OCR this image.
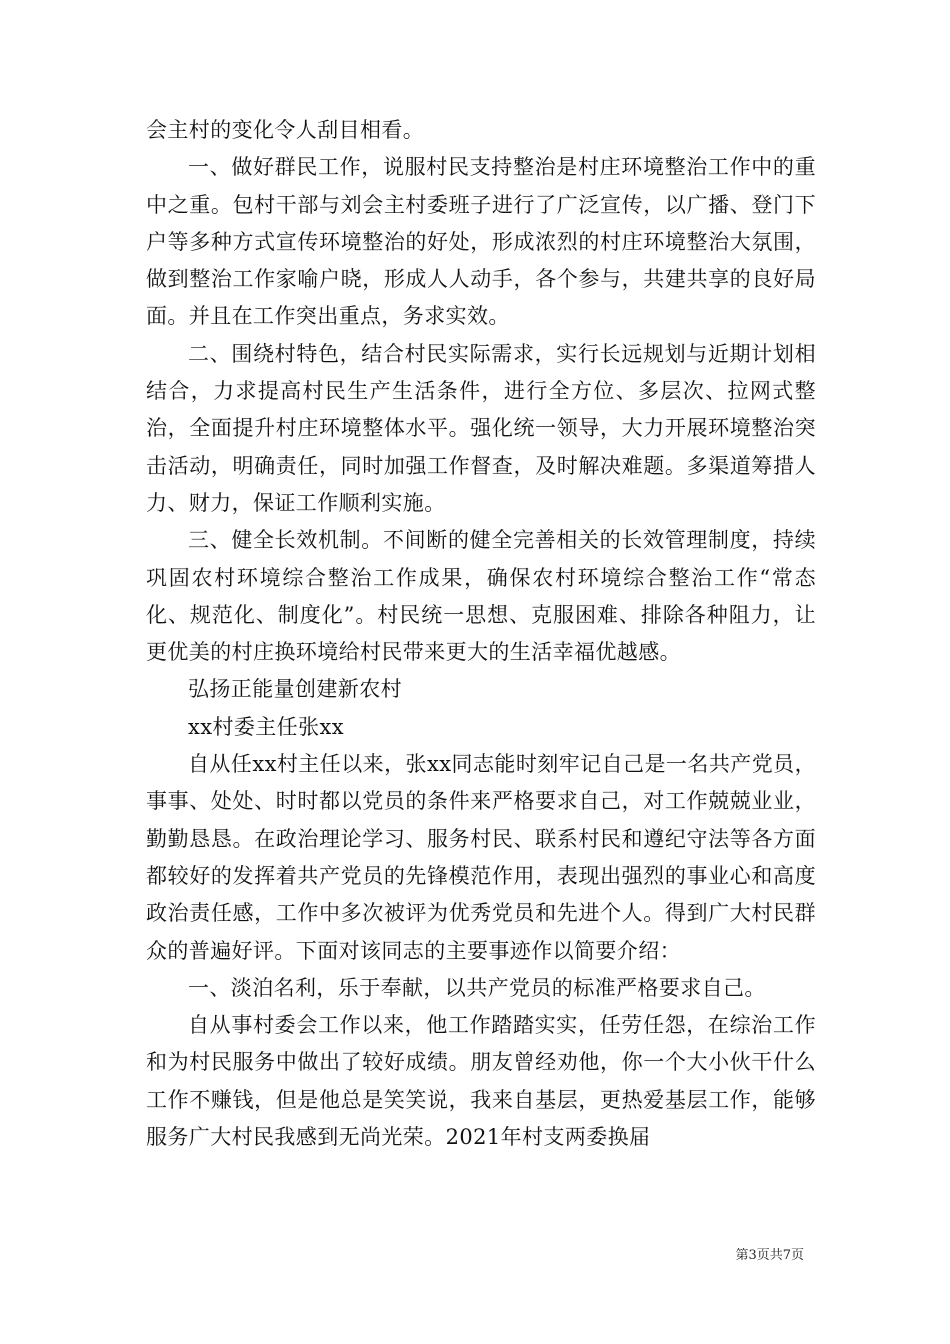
会主村的变化令人刮目相看。

一、做好群民工作，说服村民支持整治是村庄环境整治工作中的重中之重。包村干部与刘会主村委班子进行了广泛宣传，以广播、登门下户等多种方式宣传环境整治的好处，形成浓烈的村庄环境整治大氛围，做到整治工作家喻户晓，形成人人动手，各个参与，共建共享的良好局面。并且在工作突出重点，务求实效。

二、围绕村特色，结合村民实际需求，实行长远规划与近期计划相结合，力求提高村民生产生活条件，进行全方位、多层次、拉网式整治，全面提升村庄环境整体水平。强化统一领导，大力开展环境整治突击活动，明确责任，同时加强工作督查，及时解决难题。多渠道筹措人力、财力，保证工作顺利实施。

三、健全长效机制。不间断的健全完善相关的长效管理制度，持续巩固农村环境综合整治工作成果，确保农村环境综合整治工作“常态化、规范化、制度化”。村民统一思想、克服困难、排除各种阻力，让更优美的村庄换环境给村民带来更大的生活幸福优越感。

弘扬正能量创建新农村

xx村委主任张xx

自从任xx村主任以来，张xx同志能时刻牢记自己是一名共产党员，事事、处处、时时都以党员的条件来严格要求自己，对工作兢兢业业，勤勤恳恳。在政治理论学习、服务村民、联系村民和遵纪守法等各方面都较好的发挥着共产党员的先锋模范作用，表现出强烈的事业心和高度政治责任感，工作中多次被评为优秀党员和先进个人。得到广大村民群众的普遍好评。下面对该同志的主要事迹作以简要介绍：

一、淡泊名利，乐于奉献，以共产党员的标准严格要求自己。

自从事村委会工作以来，他工作踏踏实实，任劳任怨，在综治工作和为村民服务中做出了较好成绩。朋友曾经劝他，你一个大小伙干什么工作不赚钱，但是他总是笑笑说，我来自基层，更热爱基层工作，能够服务广大村民我感到无尚光荣。2021年村支两委换届

第3页共7页
